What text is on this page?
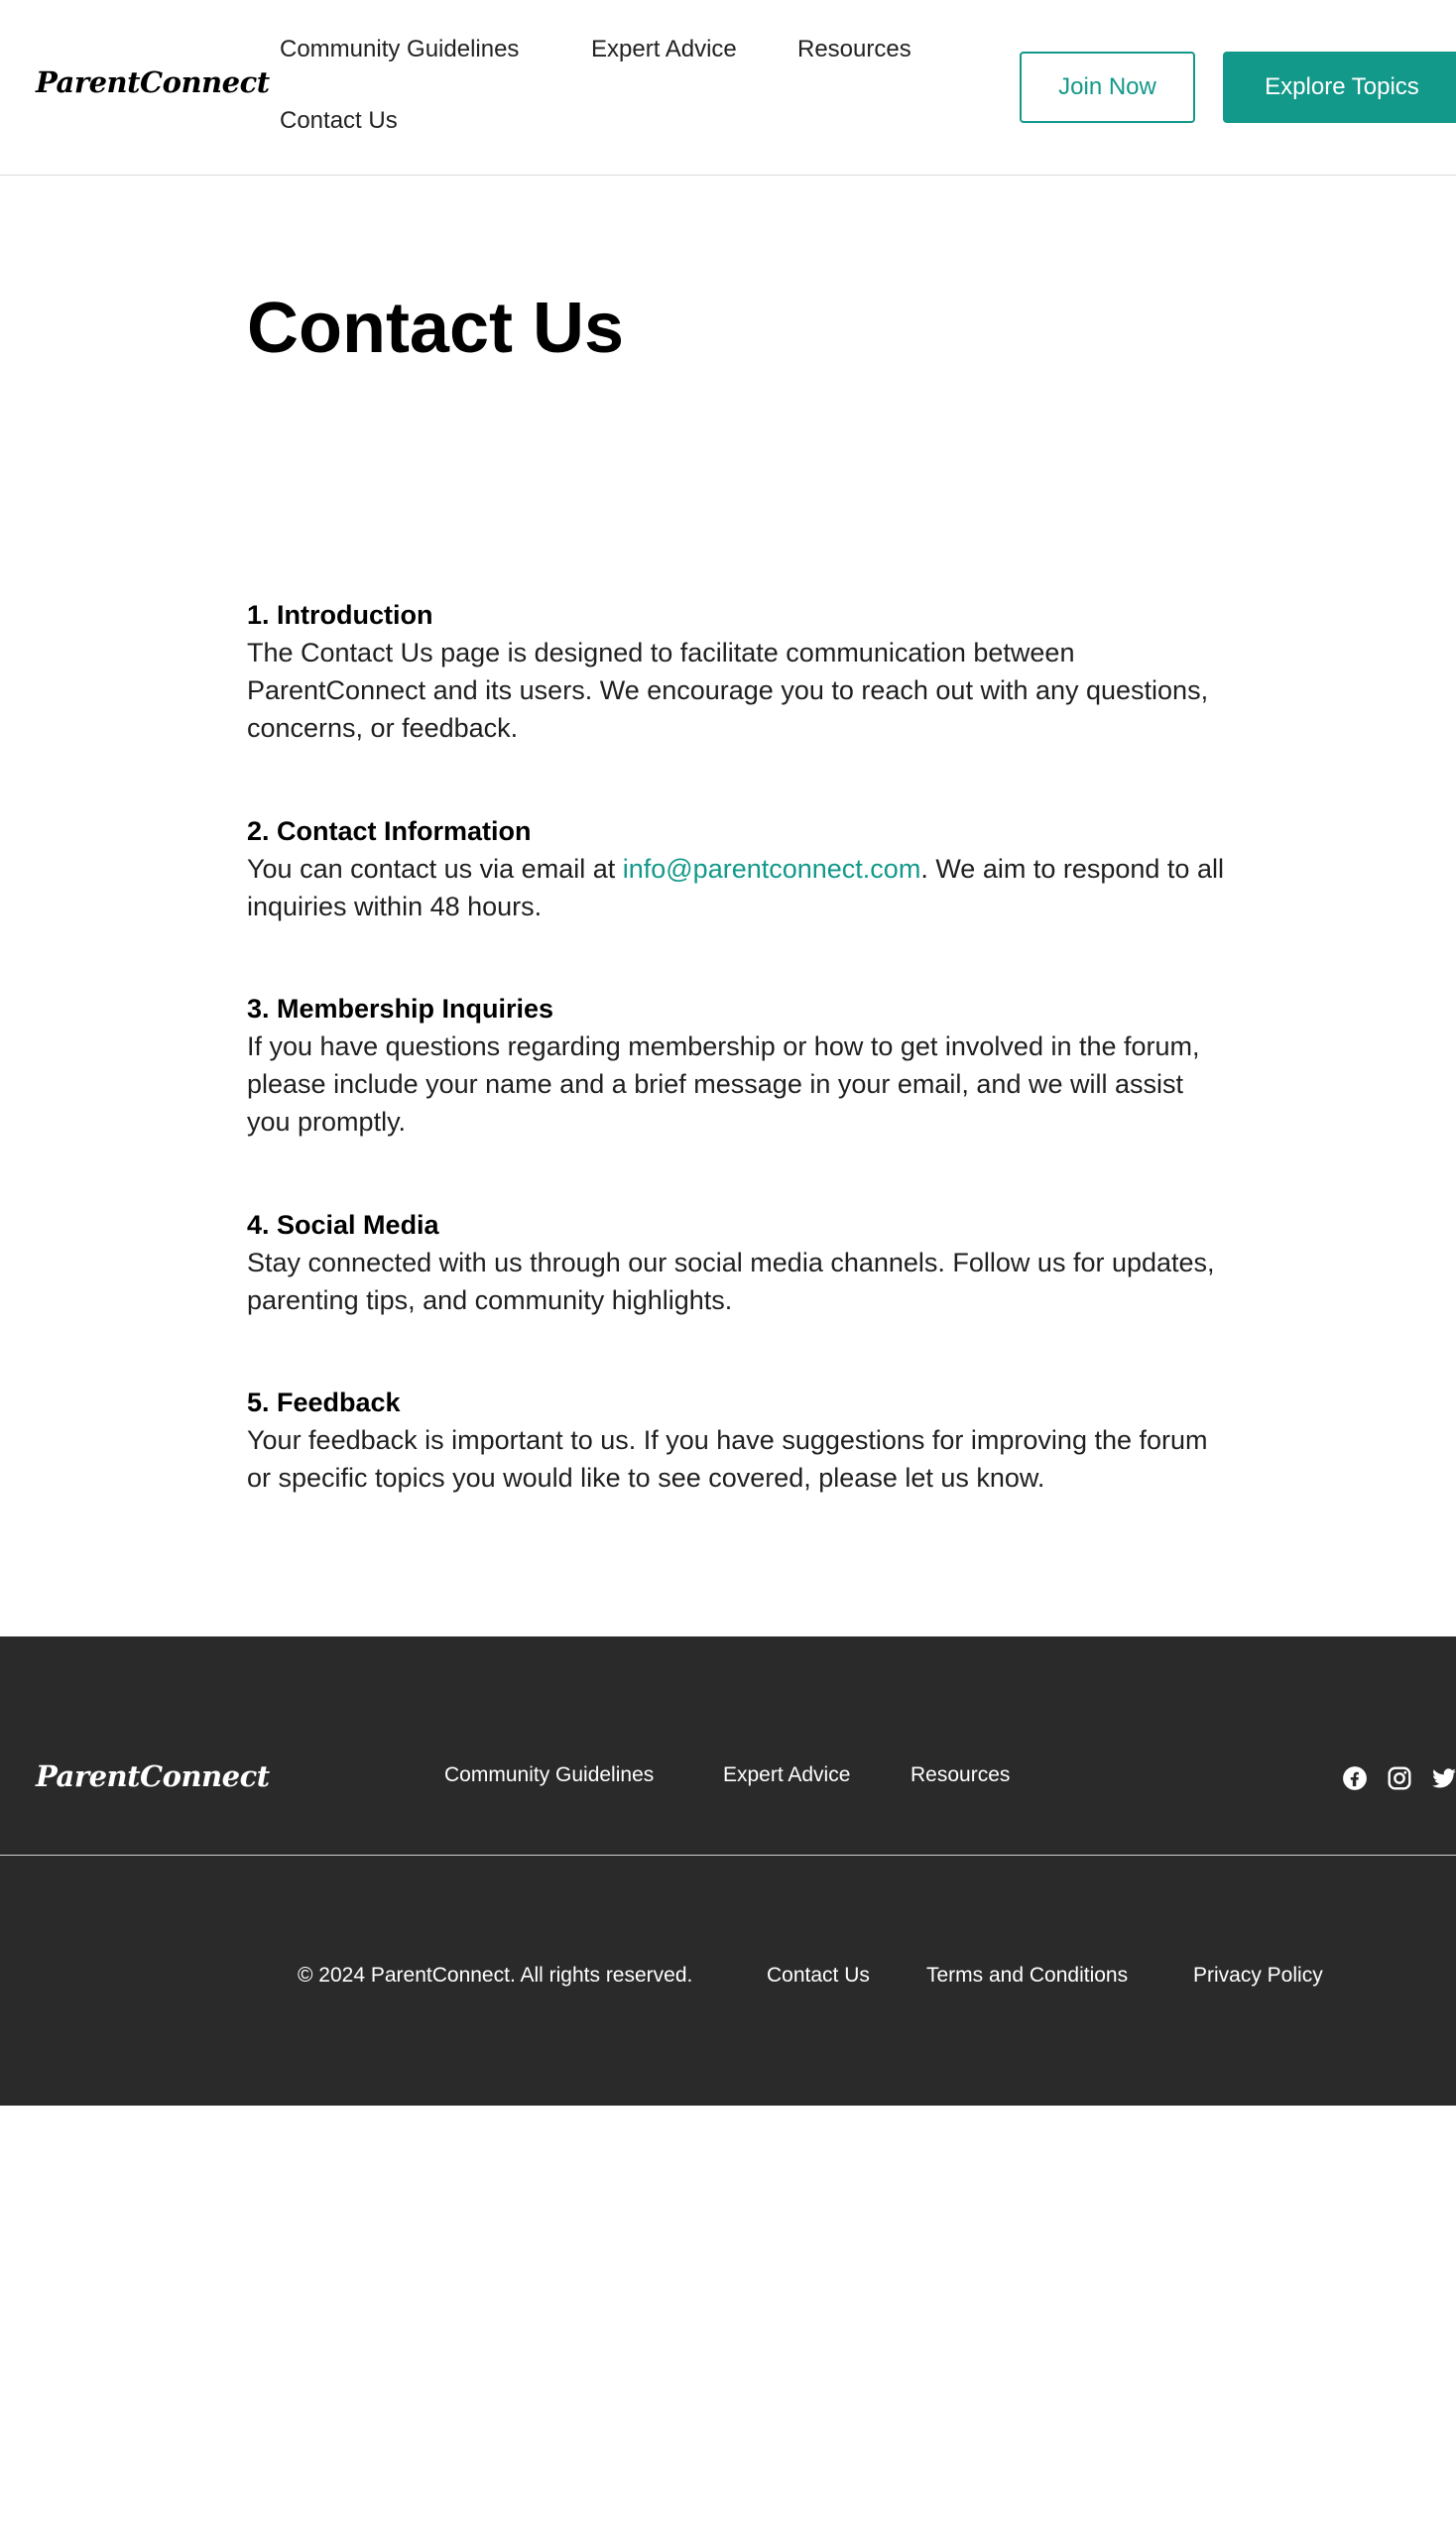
ParentConnect
Community Guidelines	Expert Advice	Resources
Contact Us
Join Now	Explore Topics
Contact Us
1. Introduction

The Contact Us page is designed to facilitate communication between ParentConnect and its users. We encourage you to reach out with any questions, concerns, or feedback.

2. Contact Information

You can contact us via email at info@parentconnect.com. We aim to respond to all inquiries within 48 hours.

3. Membership Inquiries

If you have questions regarding membership or how to get involved in the forum, please include your name and a brief message in your email, and we will assist you promptly.

4. Social Media

Stay connected with us through our social media channels. Follow us for updates, parenting tips, and community highlights.

5. Feedback

Your feedback is important to us. If you have suggestions for improving the forum or specific topics you would like to see covered, please let us know.

ParentConnect	Community Guidelines	Expert Advice	Resources
© 2024 ParentConnect. All rights reserved.	Contact Us	Terms and Conditions	Privacy Policy
